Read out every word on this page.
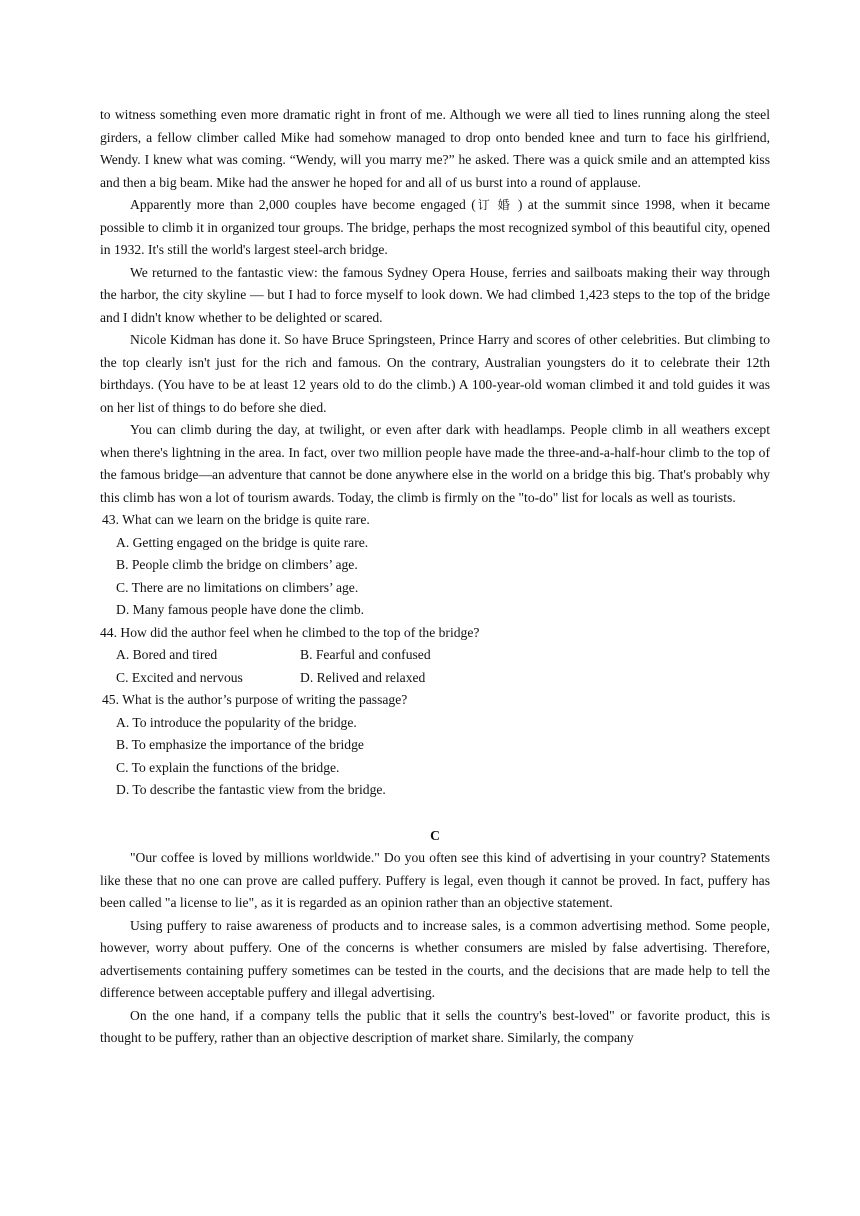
to witness something even more dramatic right in front of me. Although we were all tied to lines running along the steel girders, a fellow climber called Mike had somehow managed to drop onto bended knee and turn to face his girlfriend, Wendy. I knew what was coming. “Wendy, will you marry me?” he asked. There was a quick smile and an attempted kiss and then a big beam. Mike had the answer he hoped for and all of us burst into a round of applause.

Apparently more than 2,000 couples have become engaged (订婚) at the summit since 1998, when it became possible to climb it in organized tour groups. The bridge, perhaps the most recognized symbol of this beautiful city, opened in 1932. It's still the world's largest steel-arch bridge.

We returned to the fantastic view: the famous Sydney Opera House, ferries and sailboats making their way through the harbor, the city skyline — but I had to force myself to look down. We had climbed 1,423 steps to the top of the bridge and I didn't know whether to be delighted or scared.

Nicole Kidman has done it. So have Bruce Springsteen, Prince Harry and scores of other celebrities. But climbing to the top clearly isn't just for the rich and famous. On the contrary, Australian youngsters do it to celebrate their 12th birthdays. (You have to be at least 12 years old to do the climb.) A 100-year-old woman climbed it and told guides it was on her list of things to do before she died.

You can climb during the day, at twilight, or even after dark with headlamps. People climb in all weathers except when there's lightning in the area. In fact, over two million people have made the three-and-a-half-hour climb to the top of the famous bridge—an adventure that cannot be done anywhere else in the world on a bridge this big. That's probably why this climb has won a lot of tourism awards. Today, the climb is firmly on the "to-do" list for locals as well as tourists.

43. What can we learn on the bridge is quite rare.

A. Getting engaged on the bridge is quite rare.

B. People climb the bridge on climbers’ age.

C. There are no limitations on climbers’ age.

D. Many famous people have done the climb.

44. How did the author feel when he climbed to the top of the bridge?

A. Bored and tired	B. Fearful and confused
C. Excited and nervous	D. Relived and relaxed

45. What is the author’s purpose of writing the passage?

A. To introduce the popularity of the bridge.

B. To emphasize the importance of the bridge

C. To explain the functions of the bridge.

D. To describe the fantastic view from the bridge.

C

"Our coffee is loved by millions worldwide." Do you often see this kind of advertising in your country? Statements like these that no one can prove are called puffery. Puffery is legal, even though it cannot be proved. In fact, puffery has been called "a license to lie", as it is regarded as an opinion rather than an objective statement.

Using puffery to raise awareness of products and to increase sales, is a common advertising method. Some people, however, worry about puffery. One of the concerns is whether consumers are misled by false advertising. Therefore, advertisements containing puffery sometimes can be tested in the courts, and the decisions that are made help to tell the difference between acceptable puffery and illegal advertising.

On the one hand, if a company tells the public that it sells the country's best-loved" or favorite product, this is thought to be puffery, rather than an objective description of market share. Similarly, the company
